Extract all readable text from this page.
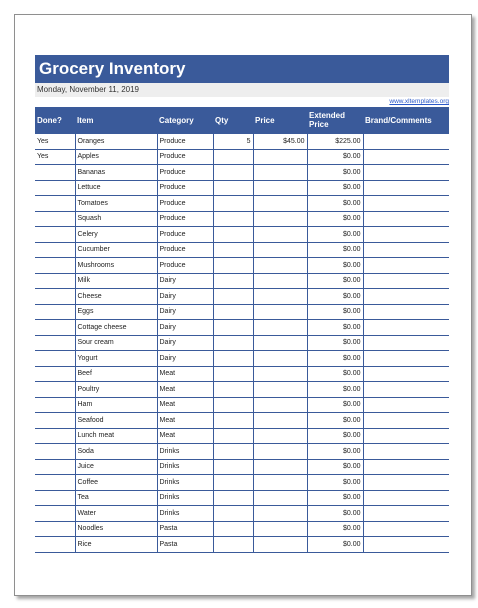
Grocery Inventory
Monday, November 11, 2019
www.xltemplates.org
Done?	Item	Category	Qty	Price	Extended Price	Brand/Comments
Yes	Oranges	Produce	5	$45.00	$225.00	
Yes	Apples	Produce			$0.00	
	Bananas	Produce			$0.00	
	Lettuce	Produce			$0.00	
	Tomatoes	Produce			$0.00	
	Squash	Produce			$0.00	
	Celery	Produce			$0.00	
	Cucumber	Produce			$0.00	
	Mushrooms	Produce			$0.00	
	Milk	Dairy			$0.00	
	Cheese	Dairy			$0.00	
	Eggs	Dairy			$0.00	
	Cottage cheese	Dairy			$0.00	
	Sour cream	Dairy			$0.00	
	Yogurt	Dairy			$0.00	
	Beef	Meat			$0.00	
	Poultry	Meat			$0.00	
	Ham	Meat			$0.00	
	Seafood	Meat			$0.00	
	Lunch meat	Meat			$0.00	
	Soda	Drinks			$0.00	
	Juice	Drinks			$0.00	
	Coffee	Drinks			$0.00	
	Tea	Drinks			$0.00	
	Water	Drinks			$0.00	
	Noodles	Pasta			$0.00	
	Rice	Pasta			$0.00	
